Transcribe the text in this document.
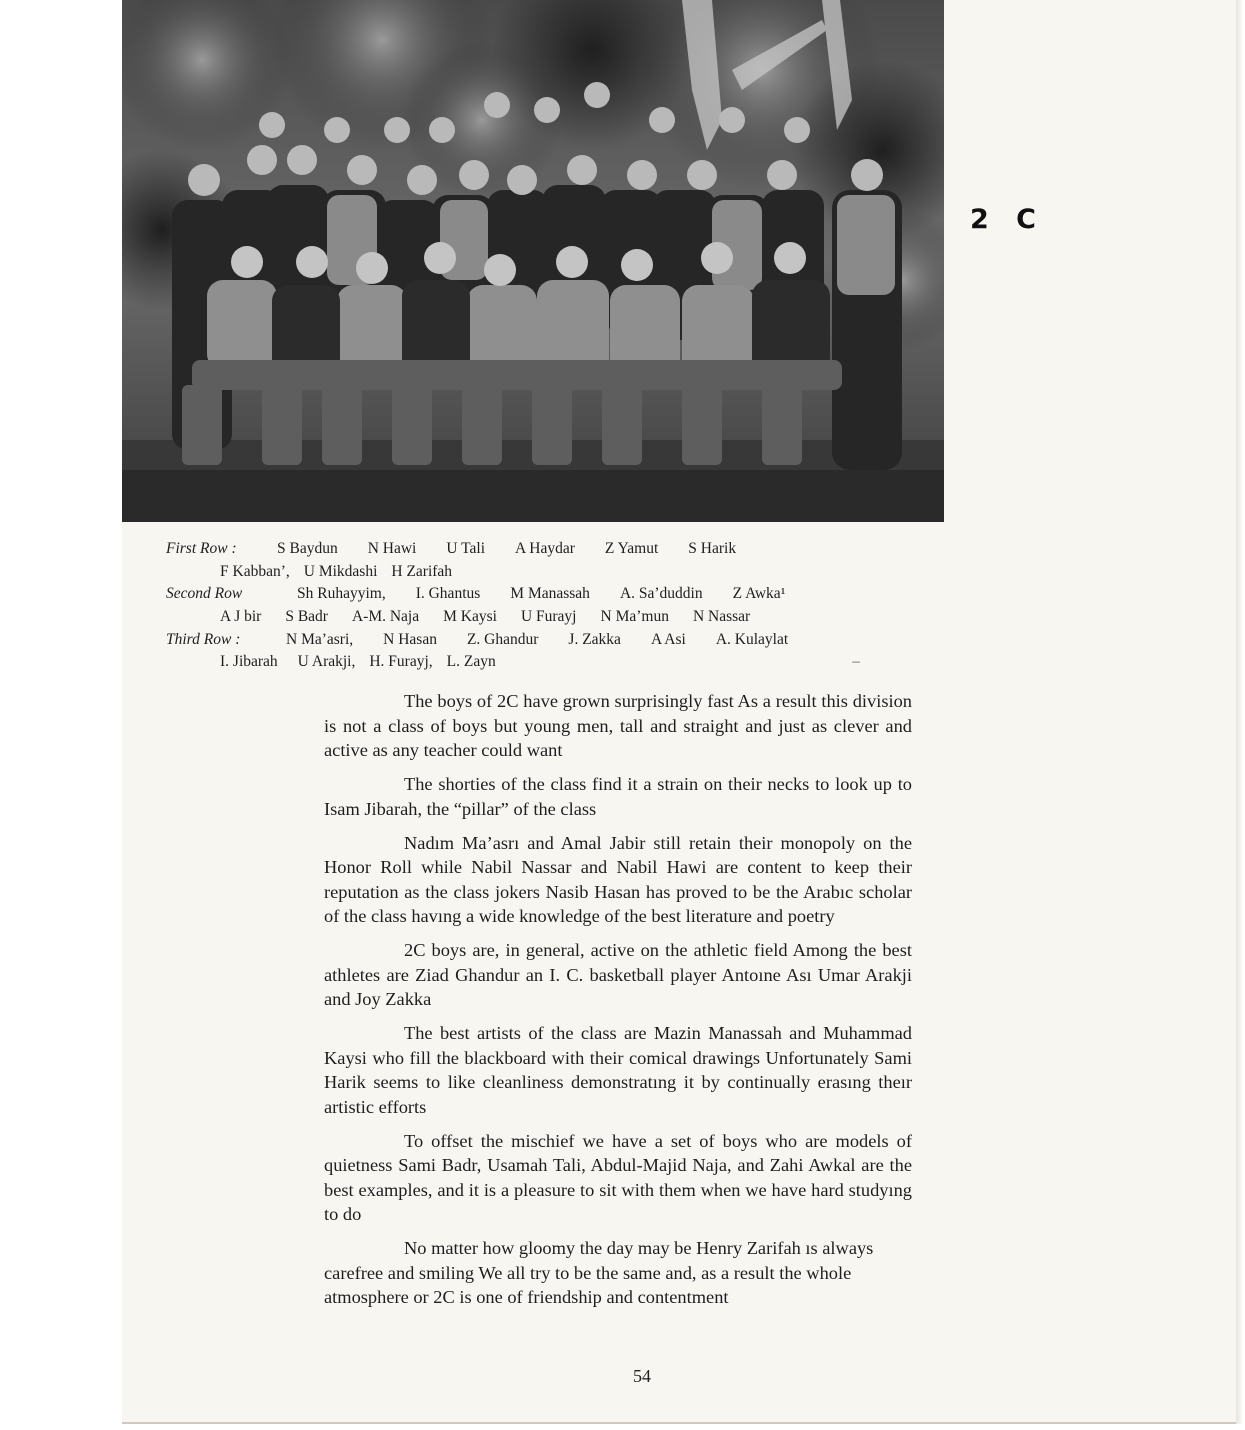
2 C
First Row :	S Baydun	N Hawi	U Tali	A Haydar	Z Yamut	S Harik
F Kabban’, U Mikdashi H Zarifah
Second Row	Sh Ruhayyim,	I. Ghantus	M Manassah	A. Sa’duddin	Z Awka¹
A J bir	S Badr	A-M. Naja	M Kaysi	U Furayj	N Ma’mun	N Nassar
Third Row :	N Ma’asri,	N Hasan	Z. Ghandur	J. Zakka	A Asi	A. Kulaylat
I. Jibarah	U Arakji, H. Furayj, L. Zayn	–

The boys of 2C have grown surprisingly fast As a result this division is not a class of boys but young men, tall and straight and just as clever and active as any teacher could want

The shorties of the class find it a strain on their necks to look up to Isam Jibarah, the “pillar” of the class

Nadım Ma’asrı and Amal Jabir still retain their monopoly on the Honor Roll while Nabil Nassar and Nabil Hawi are content to keep their reputation as the class jokers Nasib Hasan has proved to be the Arabıc scholar of the class havıng a wide knowledge of the best literature and poetry

2C boys are, in general, active on the athletic field Among the best athletes are Ziad Ghandur an I. C. basketball player Antoıne Ası Umar Arakji and Joy Zakka

The best artists of the class are Mazin Manassah and Muhammad Kaysi who fill the blackboard with their comical drawings Unfortunately Sami Harik seems to like cleanliness demonstratıng it by continually erasıng theır artistic efforts

To offset the mischief we have a set of boys who are models of quietness Sami Badr, Usamah Tali, Abdul-Majid Naja, and Zahi Awkal are the best examples, and it is a pleasure to sit with them when we have hard studyıng to do

No matter how gloomy the day may be Henry Zarifah ıs always carefree and smiling We all try to be the same and, as a result the whole atmosphere or 2C is one of friendship and contentment

54
